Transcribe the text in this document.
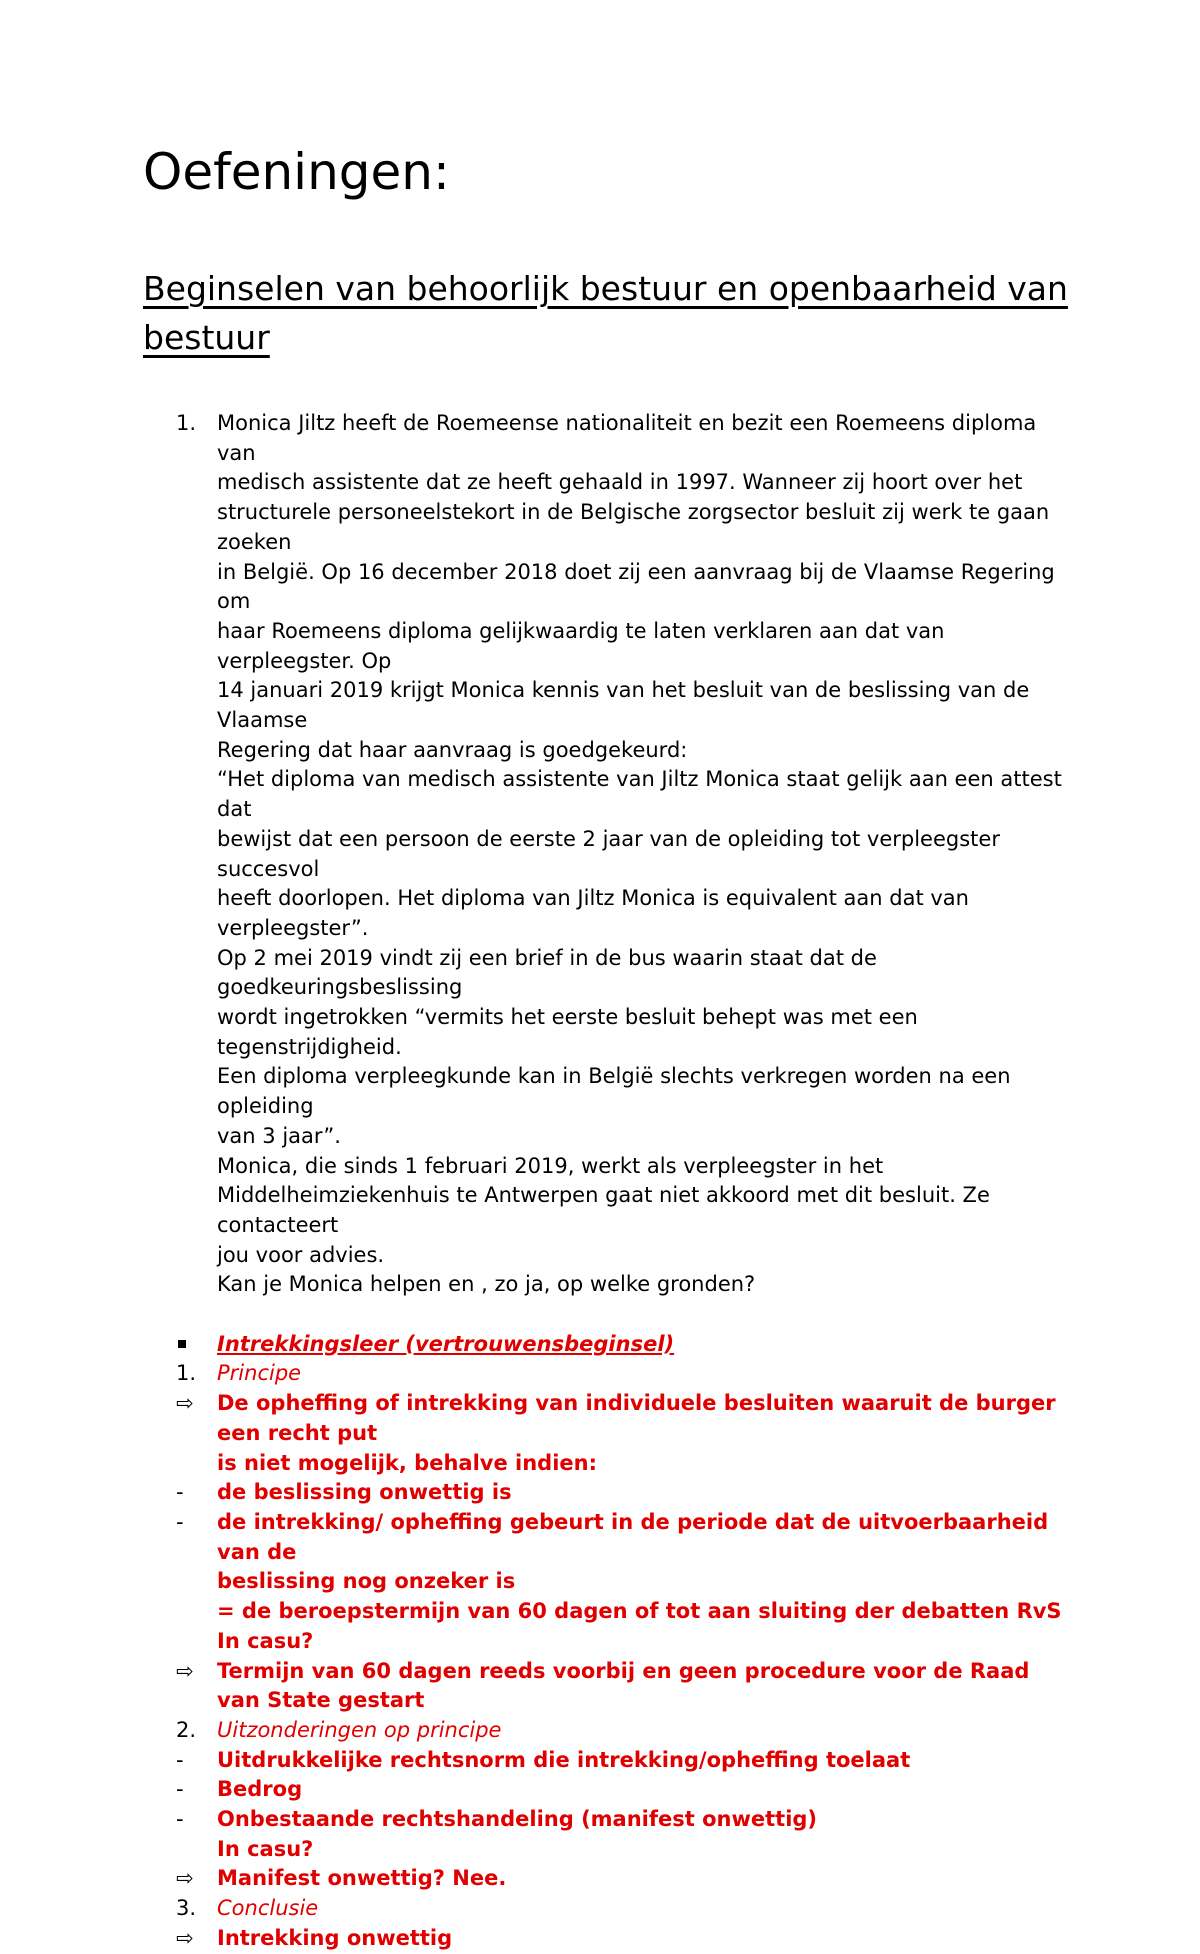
Oefeningen:
Beginselen van behoorlijk bestuur en openbaarheid van bestuur
1. Monica Jiltz heeft de Roemeense nationaliteit en bezit een Roemeens diploma van
medisch assistente dat ze heeft gehaald in 1997. Wanneer zij hoort over het
structurele personeelstekort in de Belgische zorgsector besluit zij werk te gaan zoeken
in België. Op 16 december 2018 doet zij een aanvraag bij de Vlaamse Regering om
haar Roemeens diploma gelijkwaardig te laten verklaren aan dat van verpleegster. Op
14 januari 2019 krijgt Monica kennis van het besluit van de beslissing van de Vlaamse
Regering dat haar aanvraag is goedgekeurd:
“Het diploma van medisch assistente van Jiltz Monica staat gelijk aan een attest dat
bewijst dat een persoon de eerste 2 jaar van de opleiding tot verpleegster succesvol
heeft doorlopen. Het diploma van Jiltz Monica is equivalent aan dat van
verpleegster”.
Op 2 mei 2019 vindt zij een brief in de bus waarin staat dat de goedkeuringsbeslissing
wordt ingetrokken “vermits het eerste besluit behept was met een tegenstrijdigheid.
Een diploma verpleegkunde kan in België slechts verkregen worden na een opleiding
van 3 jaar”.
Monica, die sinds 1 februari 2019, werkt als verpleegster in het
Middelheimziekenhuis te Antwerpen gaat niet akkoord met dit besluit. Ze contacteert
jou voor advies.
Kan je Monica helpen en , zo ja, op welke gronden?
Intrekkingsleer (vertrouwensbeginsel)
1. Principe
⇨	De opheffing of intrekking van individuele besluiten waaruit de burger een recht put
is niet mogelijk, behalve indien:
-	de beslissing onwettig is
-	de intrekking/ opheffing gebeurt in de periode dat de uitvoerbaarheid van de
beslissing nog onzeker is
= de beroepstermijn van 60 dagen of tot aan sluiting der debatten RvS
In casu?
⇨	Termijn van 60 dagen reeds voorbij en geen procedure voor de Raad van State gestart
2. Uitzonderingen op principe
-	Uitdrukkelijke rechtsnorm die intrekking/opheffing toelaat
-	Bedrog
-	Onbestaande rechtshandeling (manifest onwettig)
In casu?
⇨	Manifest onwettig? Nee.
3. Conclusie
⇨	Intrekking onwettig
